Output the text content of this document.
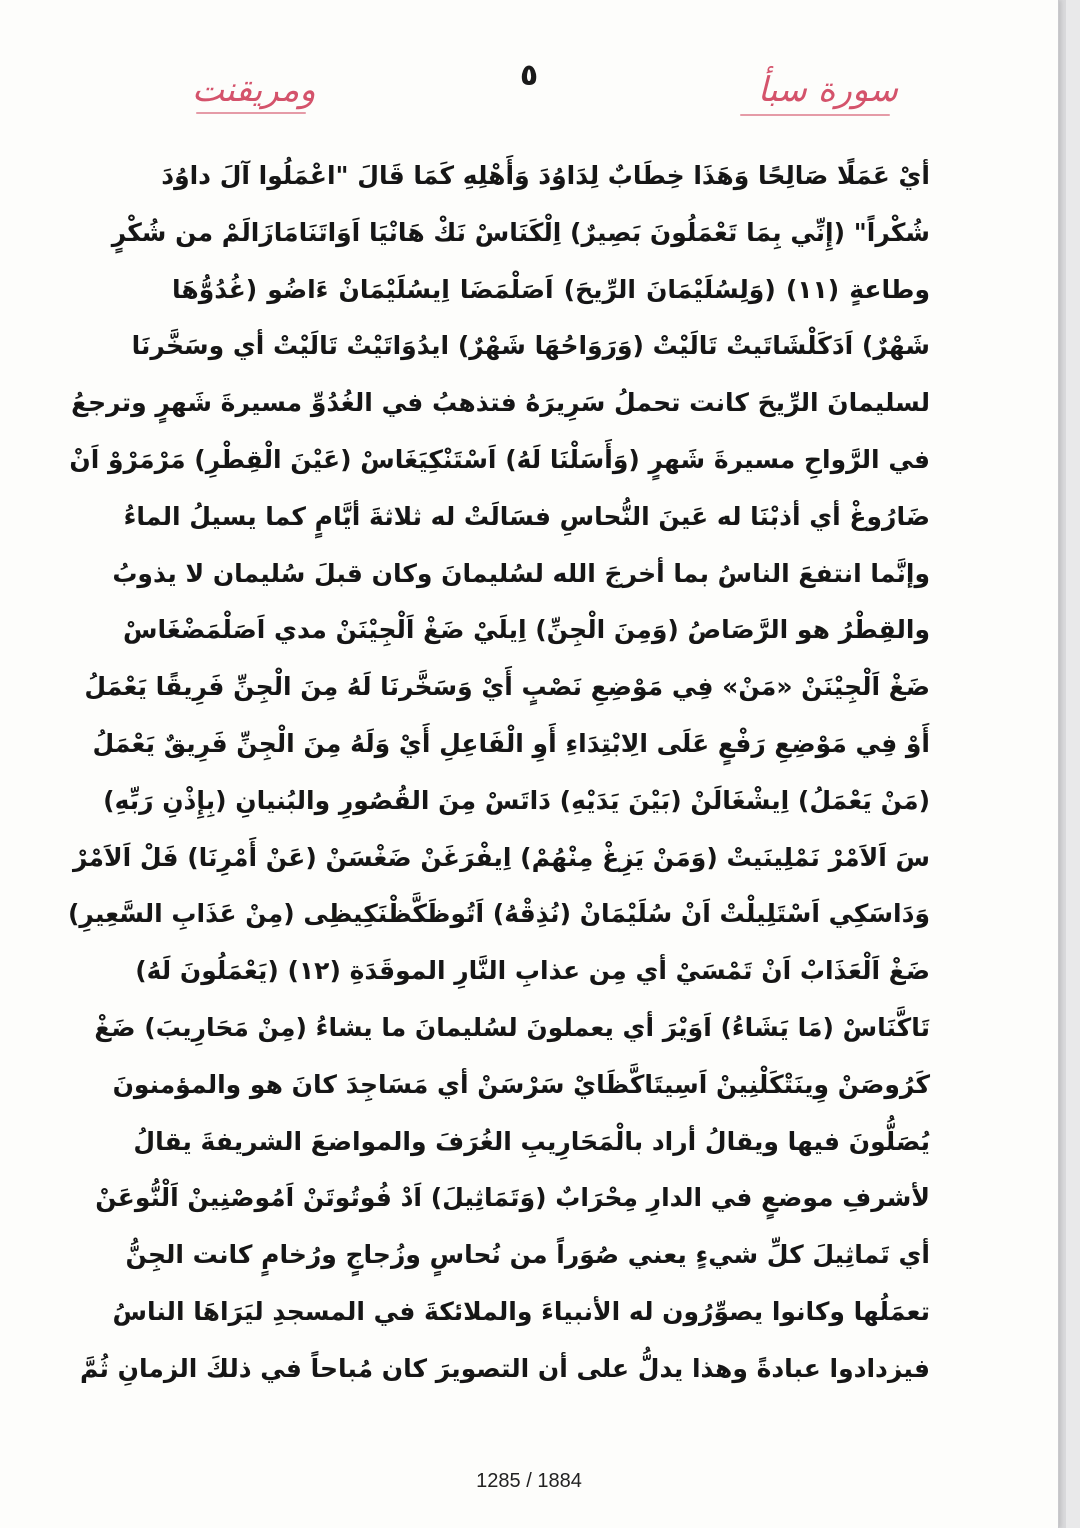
٥	سورة سبأ
ومريقنت
أيْ عَمَلًا صَالِحًا وَهَذَا خِطَابٌ لِدَاوُدَ وَأَهْلِهِ كَمَا قَالَ "اعْمَلُوا آلَ داوُدَ
شُكْراً" (إِنِّي بِمَا تَعْمَلُونَ بَصِيرٌ) اِلْكَنَاسْ نَكْ هَانْيَا اَوَاتَنَامَازَالَمْ من شُكْرٍ
وطاعةٍ (١١) (وَلِسُلَيْمَانَ الرِّيحَ) اَصَلْمَضَا اِيسُلَيْمَانْ ءَاضُو (غُدُوُّهَا
شَهْرٌ) اَدَكَلْشَاتَيتْ تَالَيْتْ (وَرَوَاحُهَا شَهْرٌ) ايدُوَاتَيْتْ تَالَيْتْ أي وسَخَّرنَا
لسليمانَ الرِّيحَ كانت تحملُ سَرِيرَهُ فتذهبُ في الغُدُوِّ مسيرةَ شَهرٍ وترجعُ
في الرَّواحِ مسيرةَ شَهرٍ (وَأَسَلْنَا لَهُ) اَسْتَنْكِيَغَاسْ (عَيْنَ الْقِطْرِ) مَرْمَرْوْ اَنْ
ضَارُوغْ أي أذبْنَا له عَينَ النُّحاسِ فسَالَتْ له ثلاثةَ أيَّامٍ كما يسيلُ الماءُ
وإنَّما انتفعَ الناسُ بما أخرجَ الله لسُليمانَ وكان قبلَ سُليمان لا يذوبُ
والقِطْرُ هو الرَّصَاصُ (وَمِنَ الْجِنِّ) اِيلَيْ ضَغْ اَلْجِيْنَنْ مدي اَصَلْمَضْغَاسْ
ضَغْ اَلْجِيْنَنْ «مَنْ» فِي مَوْضِعِ نَصْبٍ أَيْ وَسَخَّرنَا لَهُ مِنَ الْجِنِّ فَرِيقًا يَعْمَلُ
أَوْ فِي مَوْضِعِ رَفْعٍ عَلَى الِابْتِدَاءِ أَوِ الْفَاعِلِ أَيْ وَلَهُ مِنَ الْجِنِّ فَرِيقٌ يَعْمَلُ
(مَنْ يَعْمَلُ) اِيشْغَالَنْ (بَيْنَ يَدَيْهِ) دَاتَسْ مِنَ القُصُورِ والبُنيانِ (بِإِذْنِ رَبِّهِ)
سَ اَلاَمْرْ نَمْلِينَيتْ (وَمَنْ يَزِغْ مِنْهُمْ) اِيفْرَغَنْ ضَغْسَنْ (عَنْ أَمْرِنَا) فَلْ اَلاَمْرْ
وَدَاسَكِي اَسْتَلِيلْتْ اَنْ سُلَيْمَانْ (نُذِقْهُ) اَتُوظَكَّظْنَكِيظِى (مِنْ عَذَابِ السَّعِيرِ)
ضَغْ اَلْعَذَابْ اَنْ تَمْسَيْ أي مِن عذابِ النَّارِ الموقَدَةِ (١٢) (يَعْمَلُونَ لَهُ)
تَاكَّنَاسْ (مَا يَشَاءُ) اَوَيْرَ أي يعملونَ لسُليمانَ ما يشاءُ (مِنْ مَحَارِيبَ) ضَغْ
كَرُوصَنْ وِينَتْكَلْنِينْ اَسِيتَاكَّظَايْ سَرْسَنْ أي مَسَاجِدَ كانَ هو والمؤمنونَ
يُصَلُّونَ فيها ويقالُ أراد بالْمَحَارِيبِ الغُرَفَ والمواضعَ الشريفةَ يقالُ
لأشرفِ موضعٍ في الدارِ مِحْرَابٌ (وَتَمَاثِيلَ) اَدْ فُوتُوتَنْ اَمُوصْنِينْ اَلْنُّوعَنْ
أي تَماثِيلَ كلِّ شيءٍ يعني صُوَراً من نُحاسٍ وزُجاجٍ ورُخامٍ كانت الجِنُّ
تعمَلُها وكانوا يصوِّرُون له الأنبياءَ والملائكةَ في المسجدِ ليَرَاهَا الناسُ
فيزدادوا عبادةً وهذا يدلُّ على أن التصويرَ كان مُباحاً في ذلكَ الزمانِ ثُمَّ
1285 / 1884
